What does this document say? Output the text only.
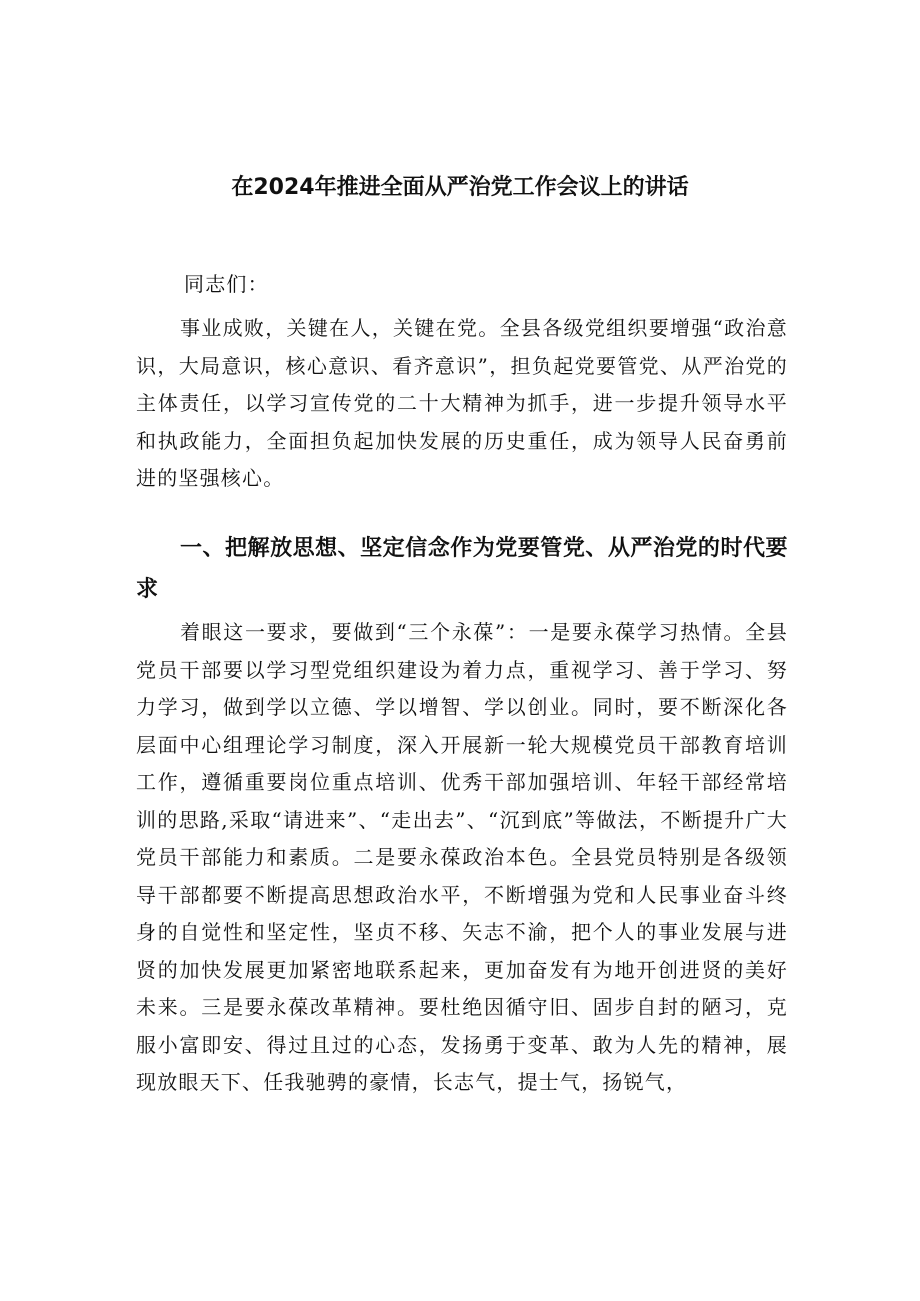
在2024年推进全面从严治党工作会议上的讲话

同志们：

事业成败，关键在人，关键在党。全县各级党组织要增强“政治意识，大局意识，核心意识、看齐意识”，担负起党要管党、从严治党的主体责任，以学习宣传党的二十大精神为抓手，进一步提升领导水平和执政能力，全面担负起加快发展的历史重任，成为领导人民奋勇前进的坚强核心。

一、把解放思想、坚定信念作为党要管党、从严治党的时代要求

着眼这一要求，要做到“三个永葆”：一是要永葆学习热情。全县党员干部要以学习型党组织建设为着力点，重视学习、善于学习、努力学习，做到学以立德、学以增智、学以创业。同时，要不断深化各层面中心组理论学习制度，深入开展新一轮大规模党员干部教育培训工作，遵循重要岗位重点培训、优秀干部加强培训、年轻干部经常培训的思路,采取“请进来”、“走出去”、“沉到底”等做法，不断提升广大党员干部能力和素质。二是要永葆政治本色。全县党员特别是各级领导干部都要不断提高思想政治水平，不断增强为党和人民事业奋斗终身的自觉性和坚定性，坚贞不移、矢志不渝，把个人的事业发展与进贤的加快发展更加紧密地联系起来，更加奋发有为地开创进贤的美好未来。三是要永葆改革精神。要杜绝因循守旧、固步自封的陋习，克服小富即安、得过且过的心态，发扬勇于变革、敢为人先的精神，展现放眼天下、任我驰骋的豪情，长志气，提士气，扬锐气，
